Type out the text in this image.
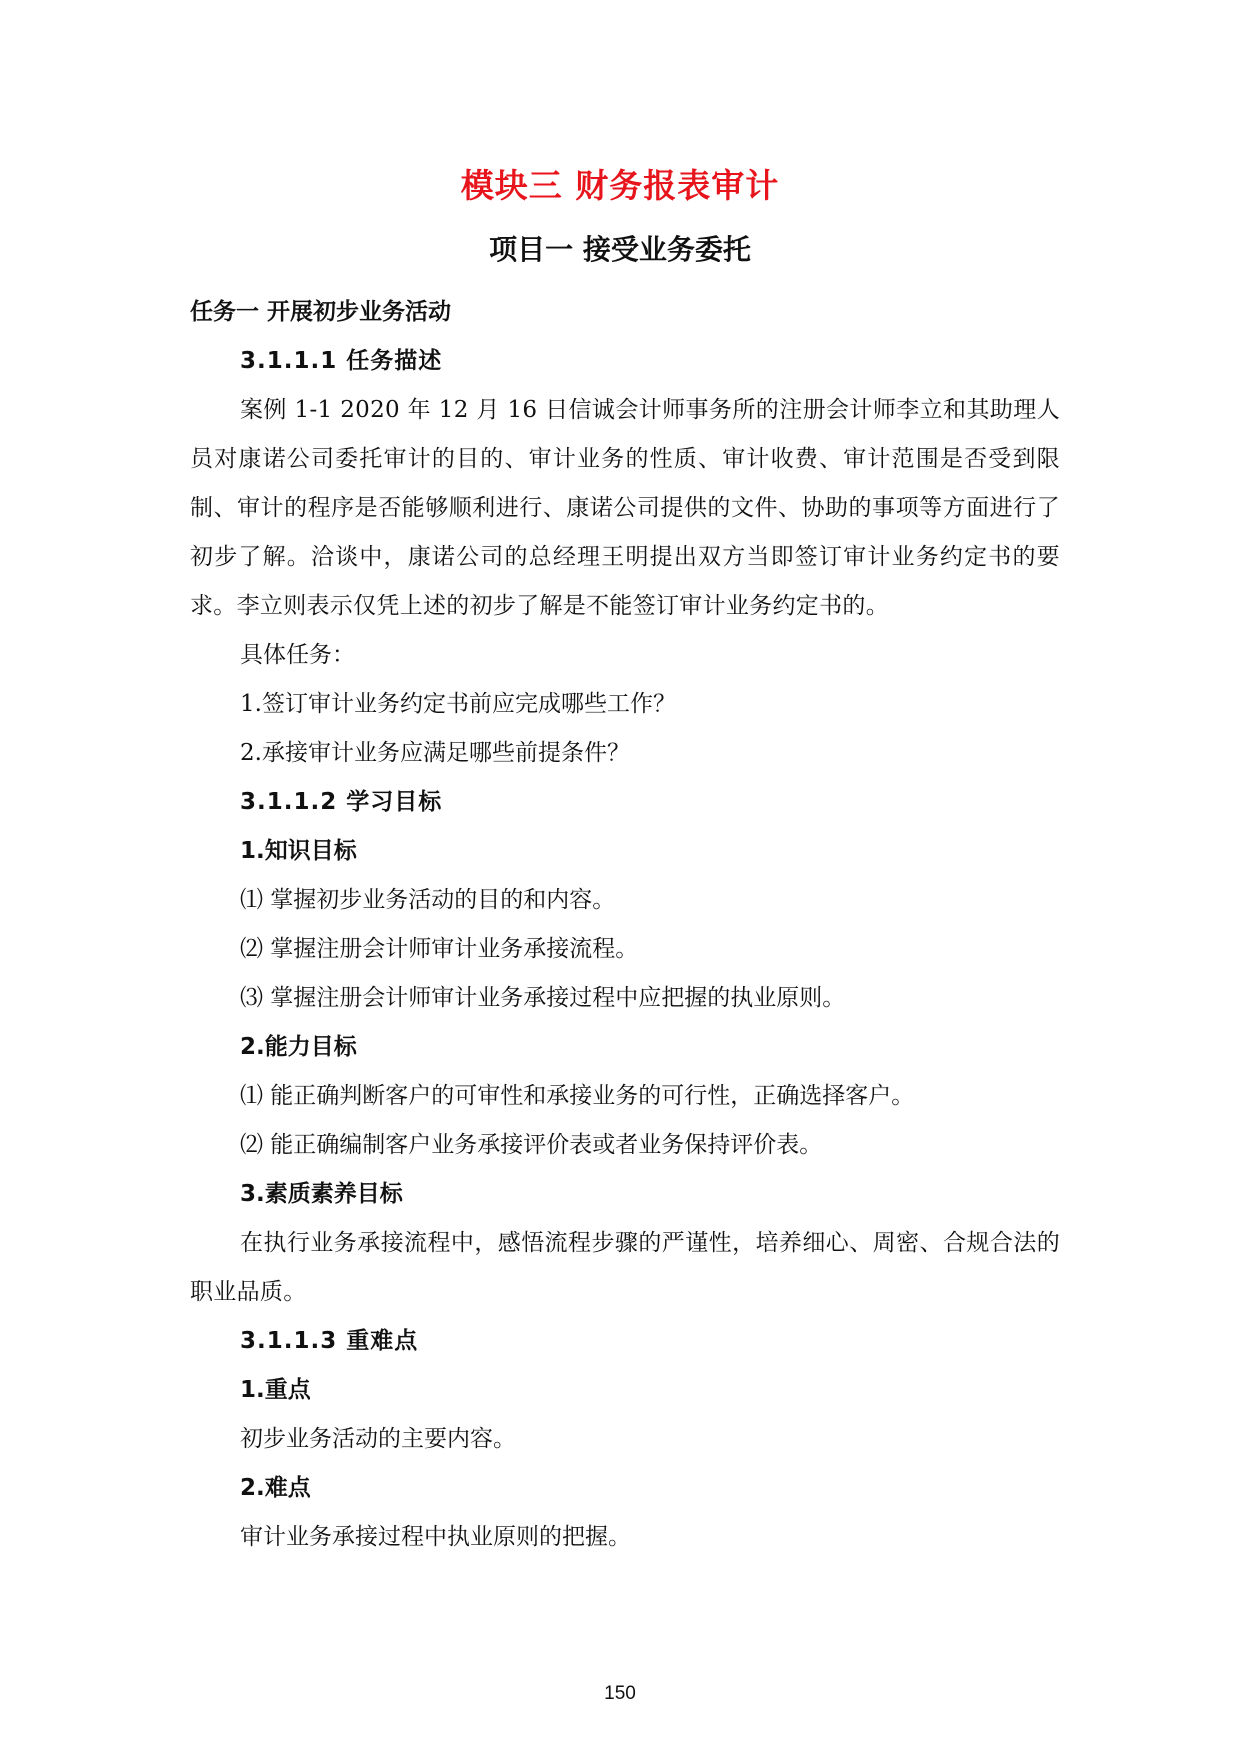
模块三 财务报表审计
项目一 接受业务委托

任务一 开展初步业务活动

3.1.1.1 任务描述

案例 1-1 2020 年 12 月 16 日信诚会计师事务所的注册会计师李立和其助理人员对康诺公司委托审计的目的、审计业务的性质、审计收费、审计范围是否受到限制、审计的程序是否能够顺利进行、康诺公司提供的文件、协助的事项等方面进行了初步了解。洽谈中，康诺公司的总经理王明提出双方当即签订审计业务约定书的要求。李立则表示仅凭上述的初步了解是不能签订审计业务约定书的。

具体任务：

1.签订审计业务约定书前应完成哪些工作？

2.承接审计业务应满足哪些前提条件？

3.1.1.2 学习目标

1.知识目标

⑴ 掌握初步业务活动的目的和内容。

⑵ 掌握注册会计师审计业务承接流程。

⑶ 掌握注册会计师审计业务承接过程中应把握的执业原则。

2.能力目标

⑴ 能正确判断客户的可审性和承接业务的可行性，正确选择客户。

⑵ 能正确编制客户业务承接评价表或者业务保持评价表。

3.素质素养目标

在执行业务承接流程中，感悟流程步骤的严谨性，培养细心、周密、合规合法的职业品质。

3.1.1.3 重难点

1.重点

初步业务活动的主要内容。

2.难点

审计业务承接过程中执业原则的把握。

150
